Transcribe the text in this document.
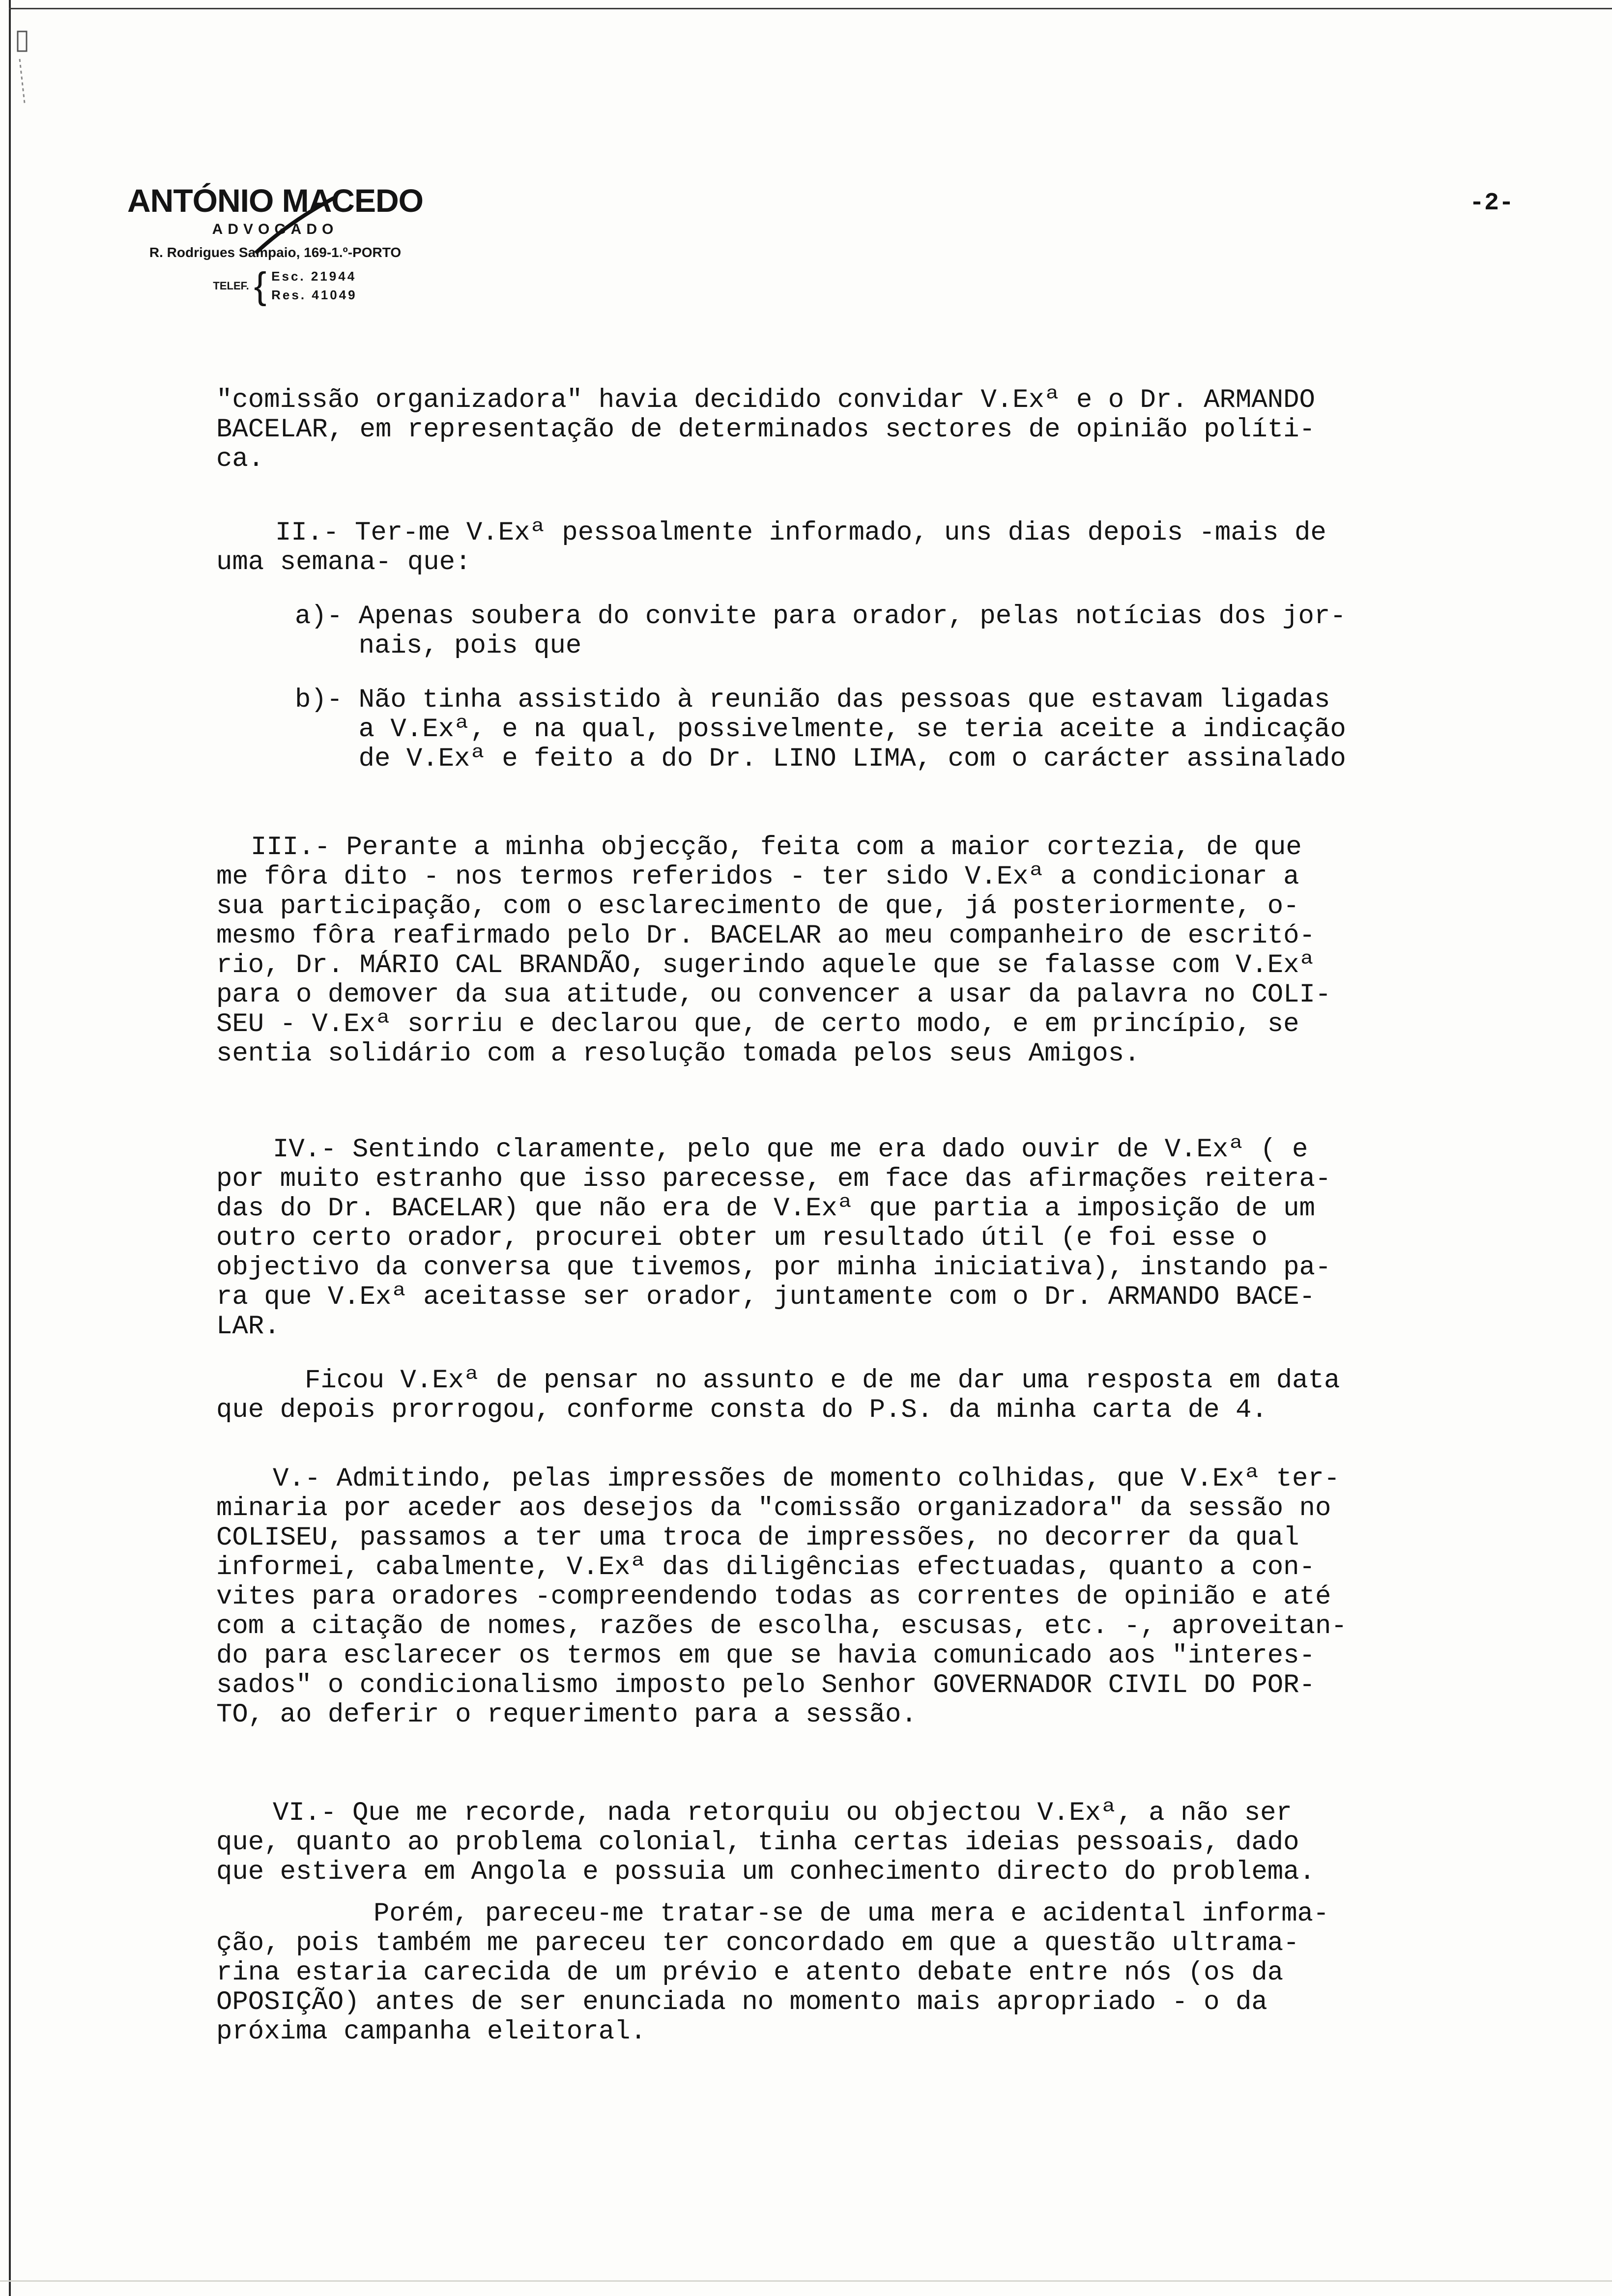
ANTÓNIO MACEDO
ADVOGADO
R. Rodrigues Sampaio, 169-1.º-PORTO
TELEF. { Esc. 21944
Res. 41049
-2-

"comissão organizadora" havia decidido convidar V.Exª e o Dr. ARMANDO
BACELAR, em representação de determinados sectores de opinião políti-
ca.

II.- Ter-me V.Exª pessoalmente informado, uns dias depois -mais de
uma semana- que:

a)- Apenas soubera do convite para orador, pelas notícias dos jor-
nais, pois que

b)- Não tinha assistido à reunião das pessoas que estavam ligadas
a V.Exª, e na qual, possivelmente, se teria aceite a indicação
de V.Exª e feito a do Dr. LINO LIMA, com o carácter assinalado

III.- Perante a minha objecção, feita com a maior cortezia, de que
me fôra dito - nos termos referidos - ter sido V.Exª a condicionar a
sua participação, com o esclarecimento de que, já posteriormente, o-
mesmo fôra reafirmado pelo Dr. BACELAR ao meu companheiro de escritó-
rio, Dr. MÁRIO CAL BRANDÃO, sugerindo aquele que se falasse com V.Exª
para o demover da sua atitude, ou convencer a usar da palavra no COLI-
SEU - V.Exª sorriu e declarou que, de certo modo, e em princípio, se
sentia solidário com a resolução tomada pelos seus Amigos.

IV.- Sentindo claramente, pelo que me era dado ouvir de V.Exª ( e
por muito estranho que isso parecesse, em face das afirmações reitera-
das do Dr. BACELAR) que não era de V.Exª que partia a imposição de um
outro certo orador, procurei obter um resultado útil (e foi esse o
objectivo da conversa que tivemos, por minha iniciativa), instando pa-
ra que V.Exª aceitasse ser orador, juntamente com o Dr. ARMANDO BACE-
LAR.

Ficou V.Exª de pensar no assunto e de me dar uma resposta em data
que depois prorrogou, conforme consta do P.S. da minha carta de 4.

V.- Admitindo, pelas impressões de momento colhidas, que V.Exª ter-
minaria por aceder aos desejos da "comissão organizadora" da sessão no
COLISEU, passamos a ter uma troca de impressões, no decorrer da qual
informei, cabalmente, V.Exª das diligências efectuadas, quanto a con-
vites para oradores -compreendendo todas as correntes de opinião e até
com a citação de nomes, razões de escolha, escusas, etc. -, aproveitan-
do para esclarecer os termos em que se havia comunicado aos "interes-
sados" o condicionalismo imposto pelo Senhor GOVERNADOR CIVIL DO POR-
TO, ao deferir o requerimento para a sessão.

VI.- Que me recorde, nada retorquiu ou objectou V.Exª, a não ser
que, quanto ao problema colonial, tinha certas ideias pessoais, dado
que estivera em Angola e possuia um conhecimento directo do problema.

Porém, pareceu-me tratar-se de uma mera e acidental informa-
ção, pois também me pareceu ter concordado em que a questão ultrama-
rina estaria carecida de um prévio e atento debate entre nós (os da
OPOSIÇÃO) antes de ser enunciada no momento mais apropriado - o da
próxima campanha eleitoral.
